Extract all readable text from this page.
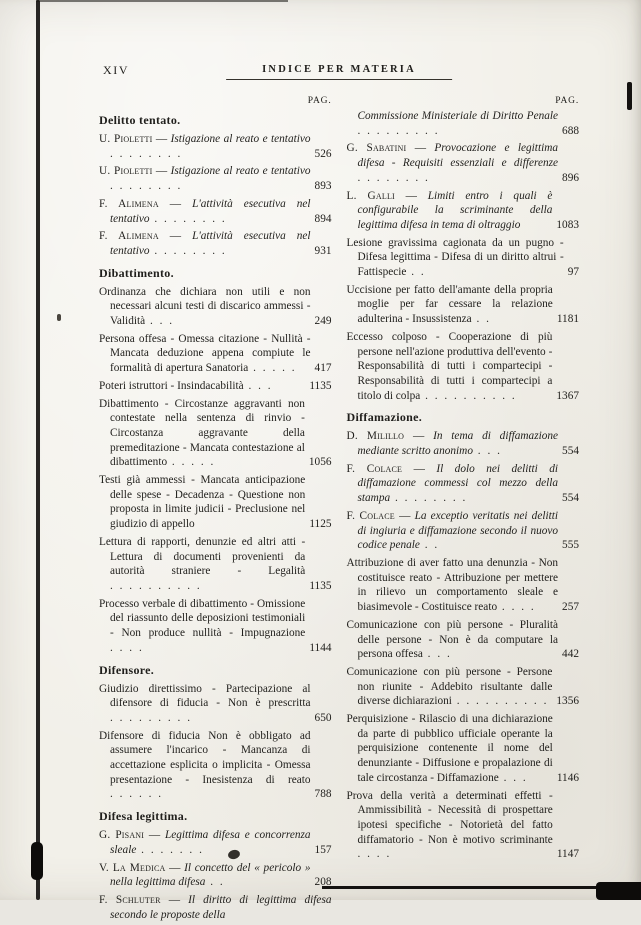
XIV	INDICE PER MATERIA
PAG.
Delitto tentato.
U. Pioletti — Istigazione al reato e tentativo . . . . . . . .	526
U. Pioletti — Istigazione al reato e tentativo . . . . . . . .	893
F. Alimena — L'attività esecutiva nel tentativo . . . . . . . .	894
F. Alimena — L'attività esecutiva nel tentativo . . . . . . . .	931
Dibattimento.
Ordinanza che dichiara non utili e non necessari alcuni testi di discarico ammessi - Validità . . .	249
Persona offesa - Omessa citazione - Nullità - Mancata deduzione appena compiute le formalità di apertura Sanatoria . . . . .	417
Poteri istruttori - Insindacabilità . . .	1135
Dibattimento - Circostanze aggravanti non contestate nella sentenza di rinvio - Circostanza aggravante della premeditazione - Mancata contestazione al dibattimento . . . . .	1056
Testi già ammessi - Mancata anticipazione delle spese - Decadenza - Questione non proposta in limite judicii - Preclusione nel giudizio di appello	1125
Lettura di rapporti, denunzie ed altri atti - Lettura di documenti provenienti da autorità straniere - Legalità . . . . . . . . . .	1135
Processo verbale di dibattimento - Omissione del riassunto delle deposizioni testimoniali - Non produce nullità - Impugnazione . . . .	1144
Difensore.
Giudizio direttissimo - Partecipazione al difensore di fiducia - Non è prescritta . . . . . . . . .	650
Difensore di fiducia Non è obbligato ad assumere l'incarico - Mancanza di accettazione esplicita o implicita - Omessa presentazione - Inesistenza di reato . . . . . .	788
Difesa legittima.
G. Pisani — Legittima difesa e concorrenza sleale . . . . . . .	157
V. La Medica — Il concetto del « pericolo » nella legittima difesa . .	208
F. Schluter — Il diritto di legittima difesa secondo le proposte della
PAG.
Commissione Ministeriale di Diritto Penale . . . . . . . . .	688
G. Sabatini — Provocazione e legittima difesa - Requisiti essenziali e differenze . . . . . . . .	896
L. Galli — Limiti entro i quali è configurabile la scriminante della legittima difesa in tema di oltraggio	1083
Lesione gravissima cagionata da un pugno - Difesa legittima - Difesa di un diritto altrui - Fattispecie . .	97
Uccisione per fatto dell'amante della propria moglie per far cessare la relazione adulterina - Insussistenza . .	1181
Eccesso colposo - Cooperazione di più persone nell'azione produttiva dell'evento - Responsabilità di tutti i compartecipi - Responsabilità di tutti i compartecipi a titolo di colpa . . . . . . . . . .	1367
Diffamazione.
D. Milillo — In tema di diffamazione mediante scritto anonimo . . .	554
F. Colace — Il dolo nei delitti di diffamazione commessi col mezzo della stampa . . . . . . . .	554
F. Colace — La exceptio veritatis nei delitti di ingiuria e diffamazione secondo il nuovo codice penale . .	555
Attribuzione di aver fatto una denunzia - Non costituisce reato - Attribuzione per mettere in rilievo un comportamento sleale e biasimevole - Costituisce reato . . . .	257
Comunicazione con più persone - Pluralità delle persone - Non è da computare la persona offesa . . .	442
Comunicazione con più persone - Persone non riunite - Addebito risultante dalle diverse dichiarazioni . . . . . . . . . . 1356
Perquisizione - Rilascio di una dichiarazione da parte di pubblico ufficiale operante la perquisizione contenente il nome del denunziante - Diffusione e propalazione di tale circostanza - Diffamazione . . .	1146
Prova della verità a determinati effetti - Ammissibilità - Necessità di prospettare ipotesi specifiche - Notorietà del fatto diffamatorio - Non è motivo scriminante . . . .	1147
